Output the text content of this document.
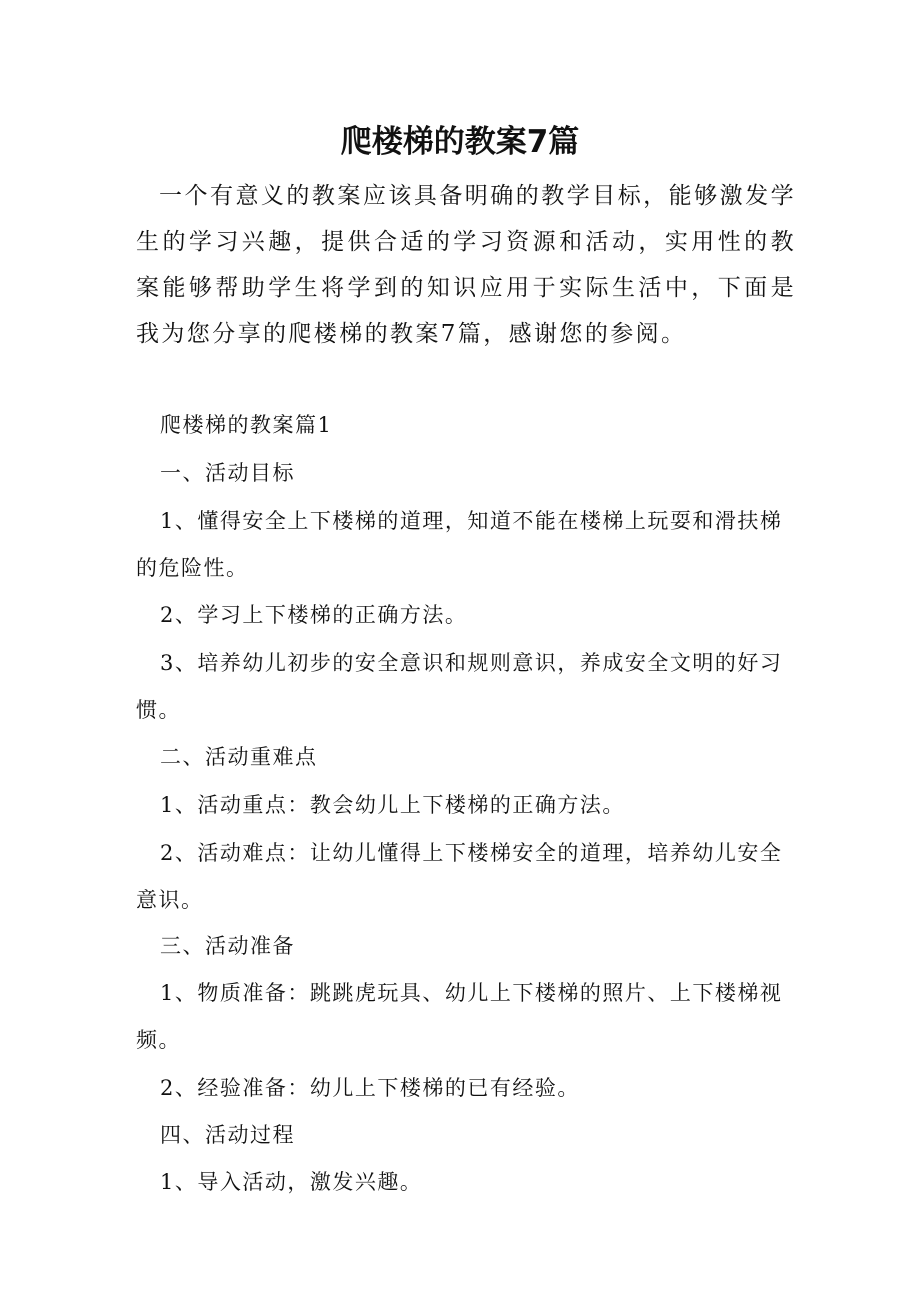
爬楼梯的教案7篇

一个有意义的教案应该具备明确的教学目标，能够激发学生的学习兴趣，提供合适的学习资源和活动，实用性的教案能够帮助学生将学到的知识应用于实际生活中，下面是我为您分享的爬楼梯的教案7篇，感谢您的参阅。

爬楼梯的教案篇1

一、活动目标

1、懂得安全上下楼梯的道理，知道不能在楼梯上玩耍和滑扶梯的危险性。

2、学习上下楼梯的正确方法。

3、培养幼儿初步的安全意识和规则意识，养成安全文明的好习惯。

二、活动重难点

1、活动重点：教会幼儿上下楼梯的正确方法。

2、活动难点：让幼儿懂得上下楼梯安全的道理，培养幼儿安全意识。

三、活动准备

1、物质准备：跳跳虎玩具、幼儿上下楼梯的照片、上下楼梯视频。

2、经验准备：幼儿上下楼梯的已有经验。

四、活动过程

1、导入活动，激发兴趣。
